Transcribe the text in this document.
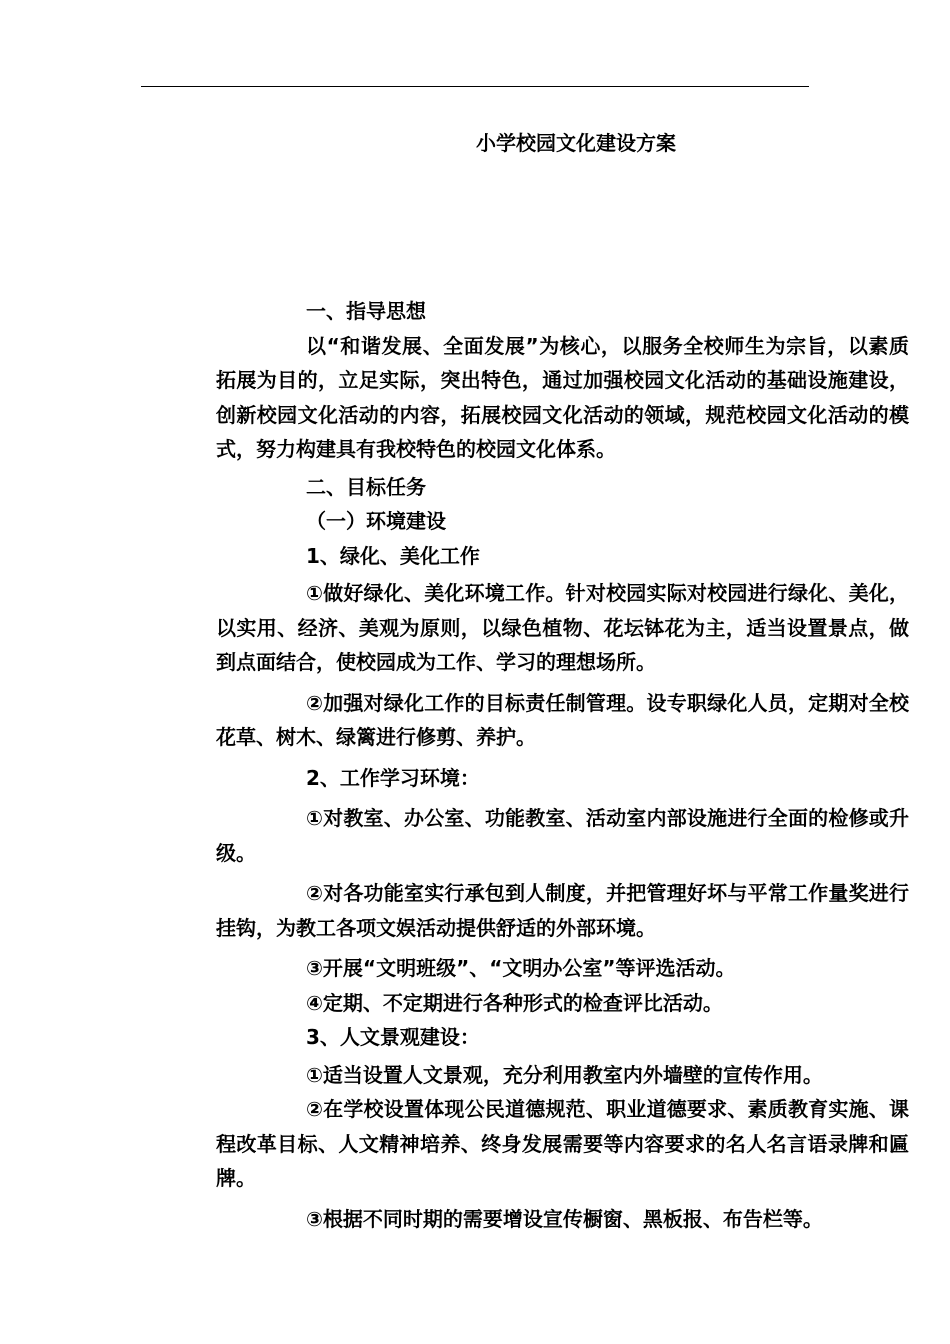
小学校园文化建设方案

一、指导思想

以“和谐发展、全面发展”为核心，以服务全校师生为宗旨，以素质拓展为目的，立足实际，突出特色，通过加强校园文化活动的基础设施建设，创新校园文化活动的内容，拓展校园文化活动的领域，规范校园文化活动的模式，努力构建具有我校特色的校园文化体系。

二、目标任务

（一）环境建设

1、绿化、美化工作

①做好绿化、美化环境工作。针对校园实际对校园进行绿化、美化，以实用、经济、美观为原则，以绿色植物、花坛钵花为主，适当设置景点，做到点面结合，使校园成为工作、学习的理想场所。

②加强对绿化工作的目标责任制管理。设专职绿化人员，定期对全校花草、树木、绿篱进行修剪、养护。

2、工作学习环境：

①对教室、办公室、功能教室、活动室内部设施进行全面的检修或升级。

②对各功能室实行承包到人制度，并把管理好坏与平常工作量奖进行挂钩，为教工各项文娱活动提供舒适的外部环境。

③开展“文明班级”、“文明办公室”等评选活动。

④定期、不定期进行各种形式的检查评比活动。

3、人文景观建设：

①适当设置人文景观，充分利用教室内外墙壁的宣传作用。

②在学校设置体现公民道德规范、职业道德要求、素质教育实施、课程改革目标、人文精神培养、终身发展需要等内容要求的名人名言语录牌和匾牌。

③根据不同时期的需要增设宣传橱窗、黑板报、布告栏等。
